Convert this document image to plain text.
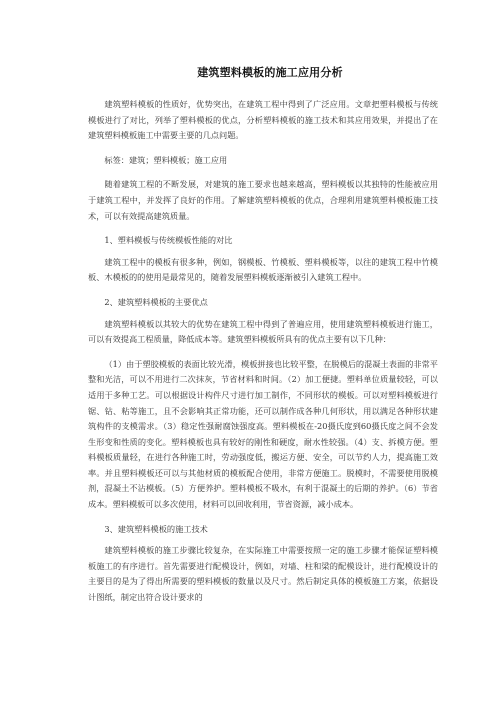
建筑塑料模板的施工应用分析

建筑塑料模板的性质好，优势突出，在建筑工程中得到了广泛应用。文章把塑料模板与传统模板进行了对比，列举了塑料模板的优点，分析塑料模板的施工技术和其应用效果，并提出了在建筑塑料模板施工中需要主要的几点问题。

标签：建筑；塑料模板；施工应用

随着建筑工程的不断发展，对建筑的施工要求也越来越高，塑料模板以其独特的性能被应用于建筑工程中，并发挥了良好的作用。了解建筑塑料模板的优点，合理利用建筑塑料模板施工技术，可以有效提高建筑质量。

1、塑料模板与传统模板性能的对比

建筑工程中的模板有很多种，例如，钢模板、竹模板、塑料模板等，以往的建筑工程中竹模板、木模板的的使用是最常见的，随着发展塑料模板逐渐被引入建筑工程中。

2、建筑塑料模板的主要优点

建筑塑料模板以其较大的优势在建筑工程中得到了普遍应用，使用建筑塑料模板进行施工，可以有效提高工程质量，降低成本等。建筑塑料模板所具有的优点主要有以下几种：

（1）由于塑胶模板的表面比较光滑，模板拼接也比较平整，在脱模后的混凝土表面的非常平整和光洁，可以不用进行二次抹灰，节省材料和时间。（2）加工便捷。塑料单位质量较轻，可以适用于多种工艺。可以根据设计构件尺寸进行加工制作，不同形状的模板。可以对塑料模板进行锯、钻、粘等施工，且不会影响其正常功能，还可以制作成各种几何形状，用以满足各种形状建筑构件的支模需求。（3）稳定性强耐腐蚀强度高。塑料模板在-20摄氏度到60摄氏度之间不会发生形变和性质的变化。塑料模板也具有较好的刚性和硬度，耐水性较强。（4）支、拆模方便。塑料模板质量轻，在进行各种施工时，劳动强度低，搬运方便、安全，可以节约人力，提高施工效率。并且塑料模板还可以与其他材质的模板配合使用，非常方便施工。脱模时，不需要使用脱模剂，混凝土不沾模板。（5）方便养护。塑料模板不吸水，有利于混凝土的后期的养护。（6）节省成本。塑料模板可以多次使用，材料可以回收利用，节省资源，减小成本。

3、建筑塑料模板的施工技术

建筑塑料模板的施工步骤比较复杂，在实际施工中需要按照一定的施工步骤才能保证塑料模板施工的有序进行。首先需要进行配模设计，例如，对墙、柱和梁的配模设计，进行配模设计的主要目的是为了得出所需要的塑料模板的数量以及尺寸。然后制定具体的模板施工方案，依据设计图纸，制定出符合设计要求的
